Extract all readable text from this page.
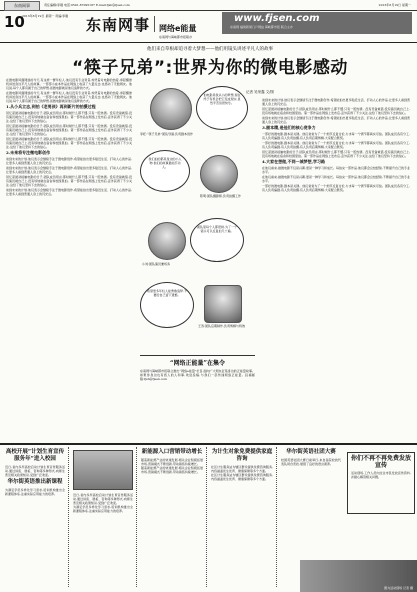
东南网事	责任编辑/李刚 电话:0591-87095187 E-mail:fjsb@fjsen.com	2013年8月19日 星期一
10
2013年8月19日 星期一 责编/李刚 东南网事	网络e能量
东南网与海峡都市报联办
www.fjsen.com
东南网 福建新闻门户网站 海峡都市报 联合主办
他们来自草根却追寻着大梦想——他们用镜头讲述平凡人的故事
“筷子兄弟”:世界为你的微电影感动
记者 吴荣鑫 文/图

在微电影风靡网络的今天,有这样一群年轻人,他们没有专业背景,却凭着对电影的热爱,拿起摄像机讲述身边平凡人的故事。一部部小成本作品在网络上收获了大量点击,也感动了无数网友。他们说,每个人都有属于自己的梦想,而微电影就是他们追梦的方式。

在微电影风靡网络的今天,有这样一群年轻人,他们没有专业背景,却凭着对电影的热爱,拿起摄像机讲述身边平凡人的故事。一部部小成本作品在网络上收获了大量点击,也感动了无数网友。他们说,每个人都有属于自己的梦想,而微电影就是他们追梦的方式。

1.从小兵立志,到拍《老男孩》再到新片的拍摄过程

回忆起最初接触电影的日子,团队成员坦言,那时候什么都不懂,只有一腔热情。没有设备就借,没有演员就自己上,没有场地就在宿舍和校园里拍。第一部作品在网络上发布后,意外获得了不少关注,这给了他们坚持下去的信心。

回忆起最初接触电影的日子,团队成员坦言,那时候什么都不懂,只有一腔热情。没有设备就借,没有演员就自己上,没有场地就在宿舍和校园里拍。第一部作品在网络上发布后,意外获得了不少关注,这给了他们坚持下去的信心。

回忆起最初接触电影的日子,团队成员坦言,那时候什么都不懂,只有一腔热情。没有设备就借,没有演员就自己上,没有场地就在宿舍和校园里拍。第一部作品在网络上发布后,意外获得了不少关注,这给了他们坚持下去的信心。

2.未来将专注微电影创作

谈到未来的计划,他们表示会继续专注于微电影创作,希望能拍出更多贴近生活、打动人心的作品,让更多人看到普通人身上的闪光点。

谈到未来的计划,他们表示会继续专注于微电影创作,希望能拍出更多贴近生活、打动人心的作品,让更多人看到普通人身上的闪光点。

回忆起最初接触电影的日子,团队成员坦言,那时候什么都不懂,只有一腔热情。没有设备就借,没有演员就自己上,没有场地就在宿舍和校园里拍。第一部作品在网络上发布后,意外获得了不少关注,这给了他们坚持下去的信心。

谈到未来的计划,他们表示会继续专注于微电影创作,希望能拍出更多贴近生活、打动人心的作品,让更多人看到普通人身上的闪光点。

拍电影是我从小的梦想,现在终于有机会把它变成现实,虽然辛苦但很快乐。
李旺:“筷子兄弟”团队导演,负责剧本创作
我们拍的都是身边的小人物,他们的故事最能打动人。
陈明:团队摄影师,负责拍摄工作
团队里每个人都很拼,为了一个镜头可以反复拍几十遍。
小刘:团队演员兼场务
希望更多年轻人能勇敢追梦,不要给自己留下遗憾。
王涛:团队后期制作,负责剪辑与特效
“网络正能量”在集令
东南网与海峡都市报联合推出“网络e能量”栏目,面向广大网友征集身边的正能量故事。如果你身边也有感人的人和事,欢迎投稿,与我们一起传递网络正能量。投稿邮箱:fjsb@fjsen.com

谈到未来的计划,他们表示会继续专注于微电影创作,希望能拍出更多贴近生活、打动人心的作品,让更多人看到普通人身上的闪光点。

回忆起最初接触电影的日子,团队成员坦言,那时候什么都不懂,只有一腔热情。没有设备就借,没有演员就自己上,没有场地就在宿舍和校园里拍。第一部作品在网络上发布后,意外获得了不少关注,这给了他们坚持下去的信心。

谈到未来的计划,他们表示会继续专注于微电影创作,希望能拍出更多贴近生活、打动人心的作品,让更多人看到普通人身上的闪光点。

3.剧本精,是他们的核心竞争力

一部好的微电影,剧本是关键。他们常常为了一个细节反复讨论,力求每一个情节都真实可信。团队成员各有分工,有人负责编剧,有人负责拍摄,有人负责后期剪辑,大家配合默契。

一部好的微电影,剧本是关键。他们常常为了一个细节反复讨论,力求每一个情节都真实可信。团队成员各有分工,有人负责编剧,有人负责拍摄,有人负责后期剪辑,大家配合默契。

回忆起最初接触电影的日子,团队成员坦言,那时候什么都不懂,只有一腔热情。没有设备就借,没有演员就自己上,没有场地就在宿舍和校园里拍。第一部作品在网络上发布后,意外获得了不少关注,这给了他们坚持下去的信心。

4.大家在想做,不同一城梦想,学习路

在他们看来,做微电影不仅是兴趣,更是一种学习和成长。每拍完一部作品,他们都会总结经验,不断提升自己的专业水平。

在他们看来,做微电影不仅是兴趣,更是一种学习和成长。每拍完一部作品,他们都会总结经验,不断提升自己的专业水平。

一部好的微电影,剧本是关键。他们常常为了一个细节反复讨论,力求每一个情节都真实可信。团队成员各有分工,有人负责编剧,有人负责拍摄,有人负责后期剪辑,大家配合默契。

高校开展“计划生育宣传服务年”进入校园
近日,省内多所高校启动计划生育宣传服务活动,通过讲座、展板、咨询等多种形式,向师生普及相关政策知识,受到广泛欢迎。
华尔街英语推出新课程
为满足学员多样化学习需求,培训机构推出全新课程体系,注重实际应用能力的培养。	近日,省内多所高校启动计划生育宣传服务活动,通过讲座、展板、咨询等多种形式,向师生普及相关政策知识,受到广泛欢迎。
为满足学员多样化学习需求,培训机构推出全新课程体系,注重实际应用能力的培养。
新能源入口营销带动增长
随着新能源产业的快速发展,相关企业积极拓展市场,营销模式不断创新,带动销售持续增长。
随着新能源产业的快速发展,相关企业积极拓展市场,营销模式不断创新,带动销售持续增长。
为计生对象免费提供家庭咨询
社区计生服务站为辖区群众提供免费咨询服务,内容涵盖优生优育、健康保健等多个方面。
社区计生服务站为辖区群众提供免费咨询服务,内容涵盖优生优育、健康保健等多个方面。
华尔街英语社团大赛
校园英语社团大赛日前举行,来自各院校的代表队同台竞技,展现了良好的语言素养。
你们不再不再免费发放宣传
活动现场,工作人员向过往市民发放宣传资料,并耐心解答相关问题。
图为活动现场 记者 摄
